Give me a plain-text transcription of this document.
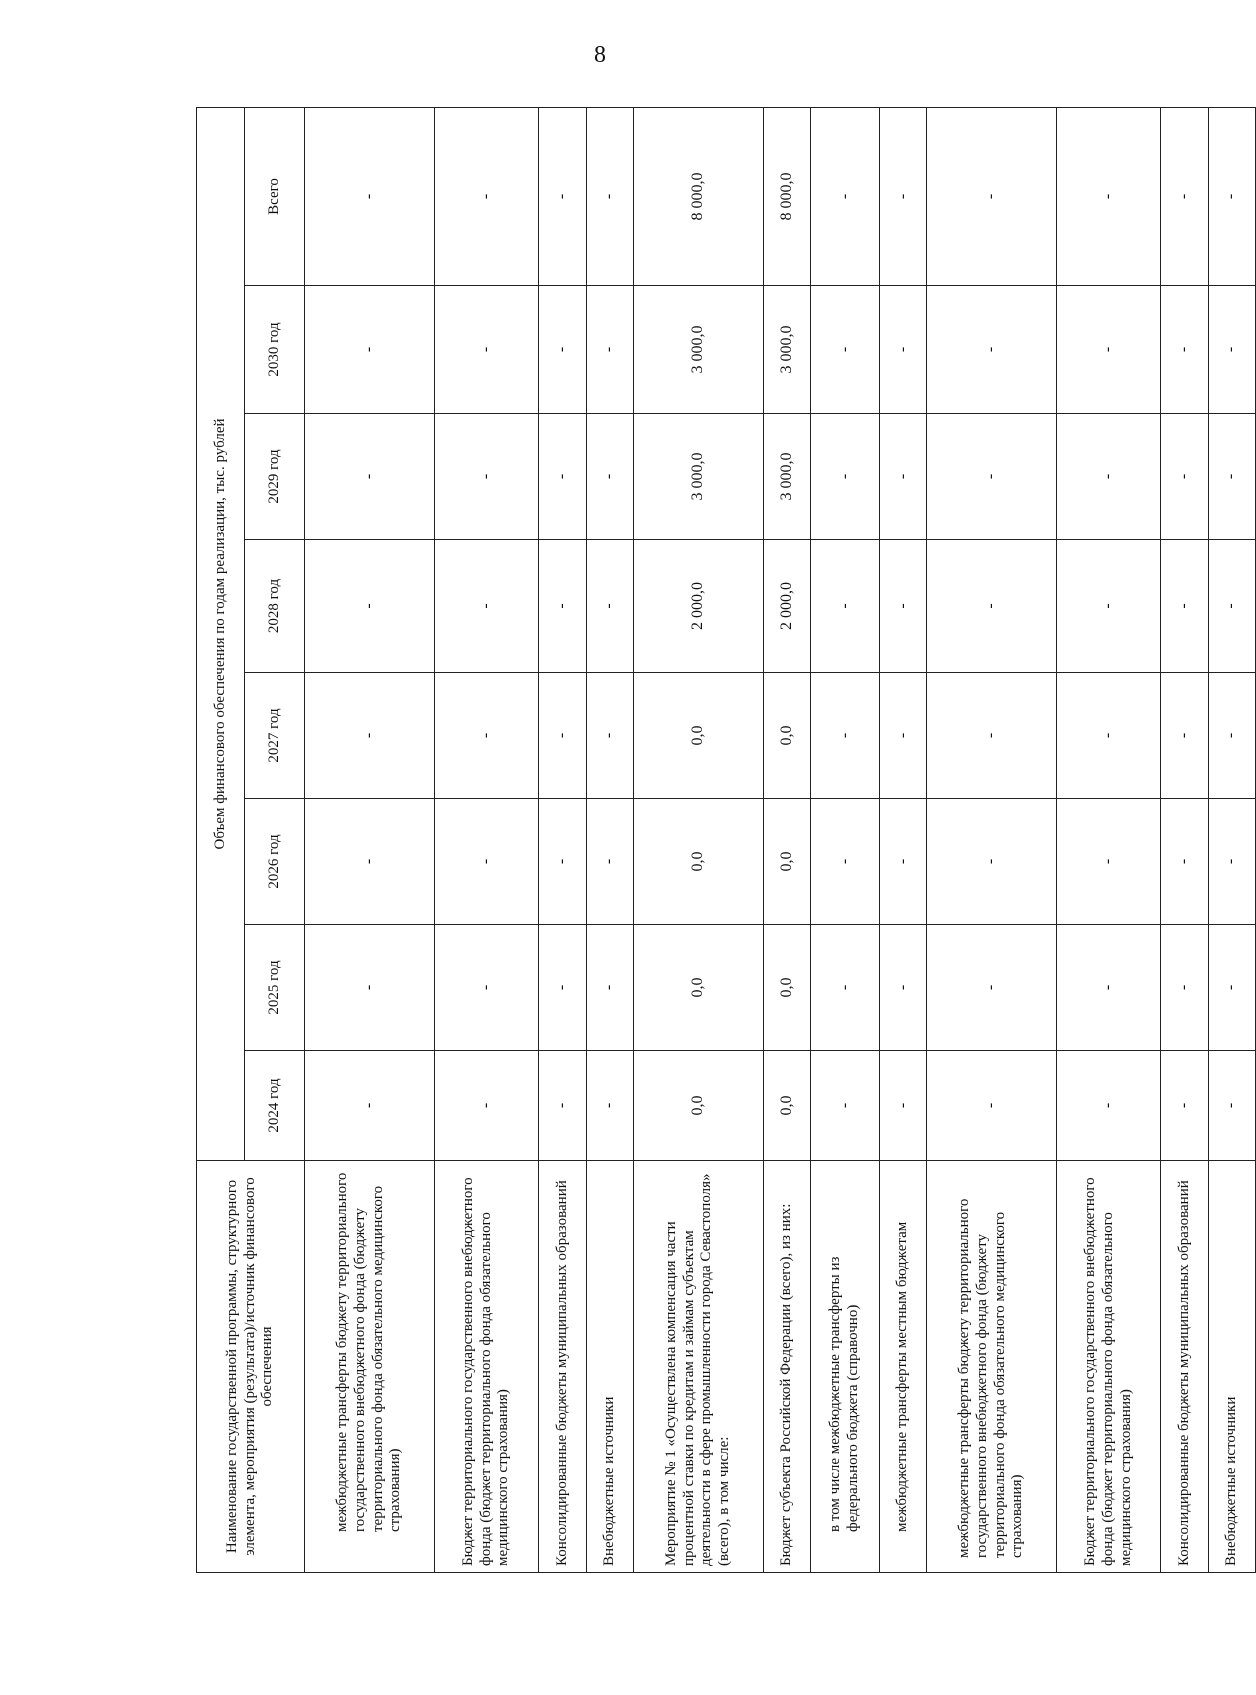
8
Наименование государственной программы, структурного элемента, мероприятия (результата)/источник финансового обеспечения	Объем финансового обеспечения по годам реализации, тыс. рублей							
	2024 год	2025 год	2026 год	2027 год	2028 год	2029 год	2030 год	Всего
межбюджетные трансферты бюджету территориального государственного внебюджетного фонда (бюджету территориального фонда обязательного медицинского страхования)	-	-	-	-	-	-	-	-
Бюджет территориального государственного внебюджетного фонда (бюджет территориального фонда обязательного медицинского страхования)	-	-	-	-	-	-	-	-
Консолидированные бюджеты муниципальных образований	-	-	-	-	-	-	-	-
Внебюджетные источники	-	-	-	-	-	-	-	-
Мероприятие № 1 «Осуществлена компенсация части процентной ставки по кредитам и займам субъектам деятельности в сфере промышленности города Севастополя» (всего), в том числе:	0,0	0,0	0,0	0,0	2 000,0	3 000,0	3 000,0	8 000,0
Бюджет субъекта Российской Федерации (всего), из них:	0,0	0,0	0,0	0,0	2 000,0	3 000,0	3 000,0	8 000,0
в том числе межбюджетные трансферты из федерального бюджета (справочно)	-	-	-	-	-	-	-	-
межбюджетные трансферты местным бюджетам	-	-	-	-	-	-	-	-
межбюджетные трансферты бюджету территориального государственного внебюджетного фонда (бюджету территориального фонда обязательного медицинского страхования)	-	-	-	-	-	-	-	-
Бюджет территориального государственного внебюджетного фонда (бюджет территориального фонда обязательного медицинского страхования)	-	-	-	-	-	-	-	-
Консолидированные бюджеты муниципальных образований	-	-	-	-	-	-	-	-
Внебюджетные источники	-	-	-	-	-	-	-	-
